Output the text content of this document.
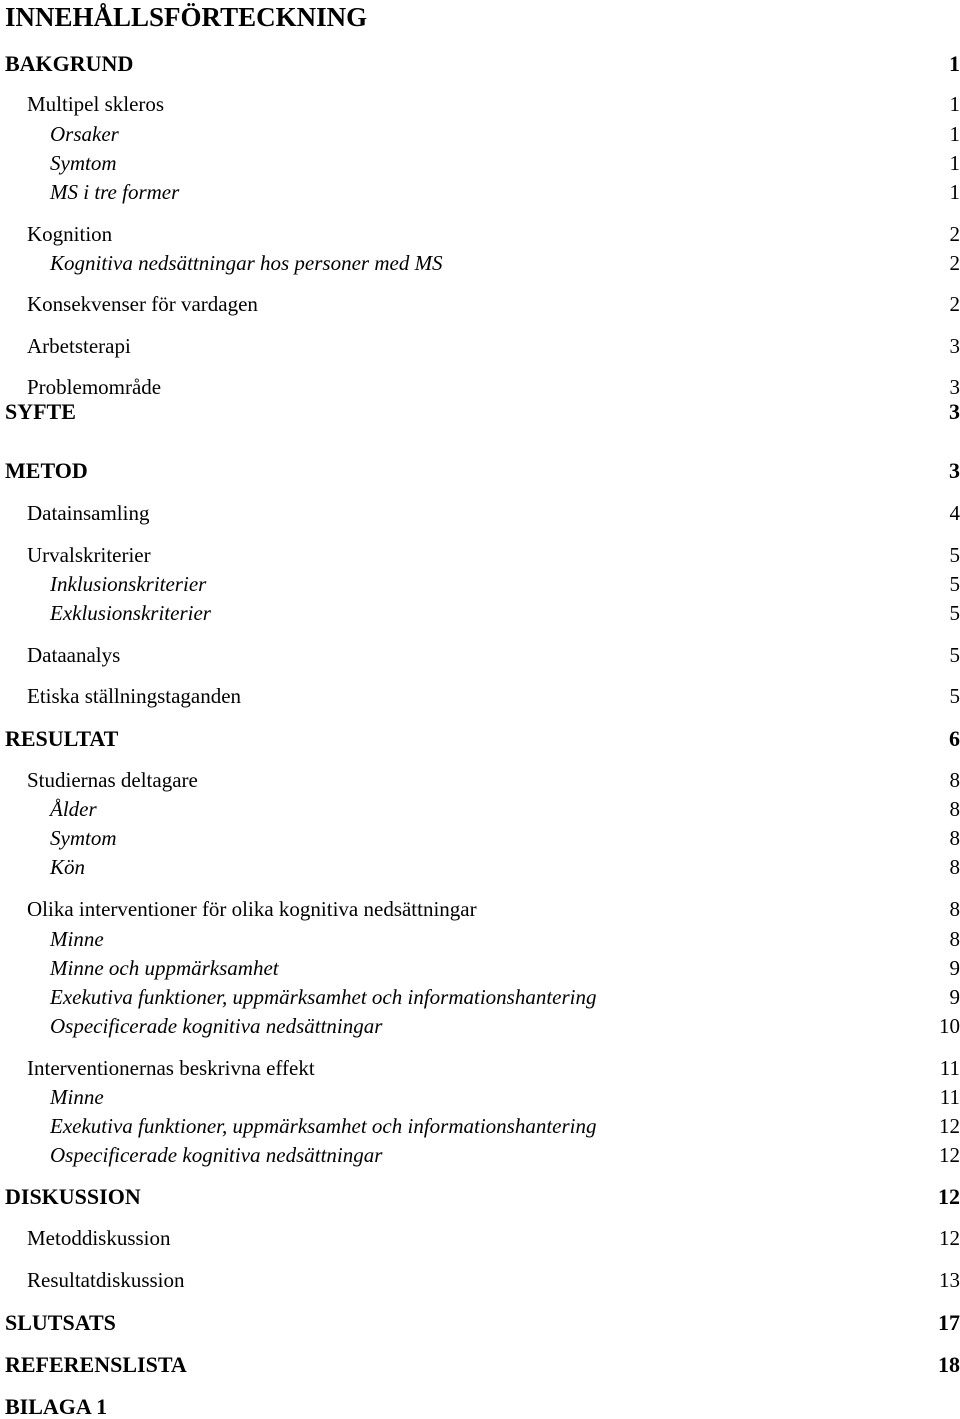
INNEHÅLLSFÖRTECKNING
BAKGRUND	1
Multipel skleros	1
Orsaker	1
Symtom	1
MS i tre former	1
Kognition	2
Kognitiva nedsättningar hos personer med MS	2
Konsekvenser för vardagen	2
Arbetsterapi	3
Problemområde	3
SYFTE	3
METOD	3
Datainsamling	4
Urvalskriterier	5
Inklusionskriterier	5
Exklusionskriterier	5
Dataanalys	5
Etiska ställningstaganden	5
RESULTAT	6
Studiernas deltagare	8
Ålder	8
Symtom	8
Kön	8
Olika interventioner för olika kognitiva nedsättningar	8
Minne	8
Minne och uppmärksamhet	9
Exekutiva funktioner, uppmärksamhet och informationshantering	9
Ospecificerade kognitiva nedsättningar	10
Interventionernas beskrivna effekt	11
Minne	11
Exekutiva funktioner, uppmärksamhet och informationshantering	12
Ospecificerade kognitiva nedsättningar	12
DISKUSSION	12
Metoddiskussion	12
Resultatdiskussion	13
SLUTSATS	17
REFERENSLISTA	18
BILAGA 1
